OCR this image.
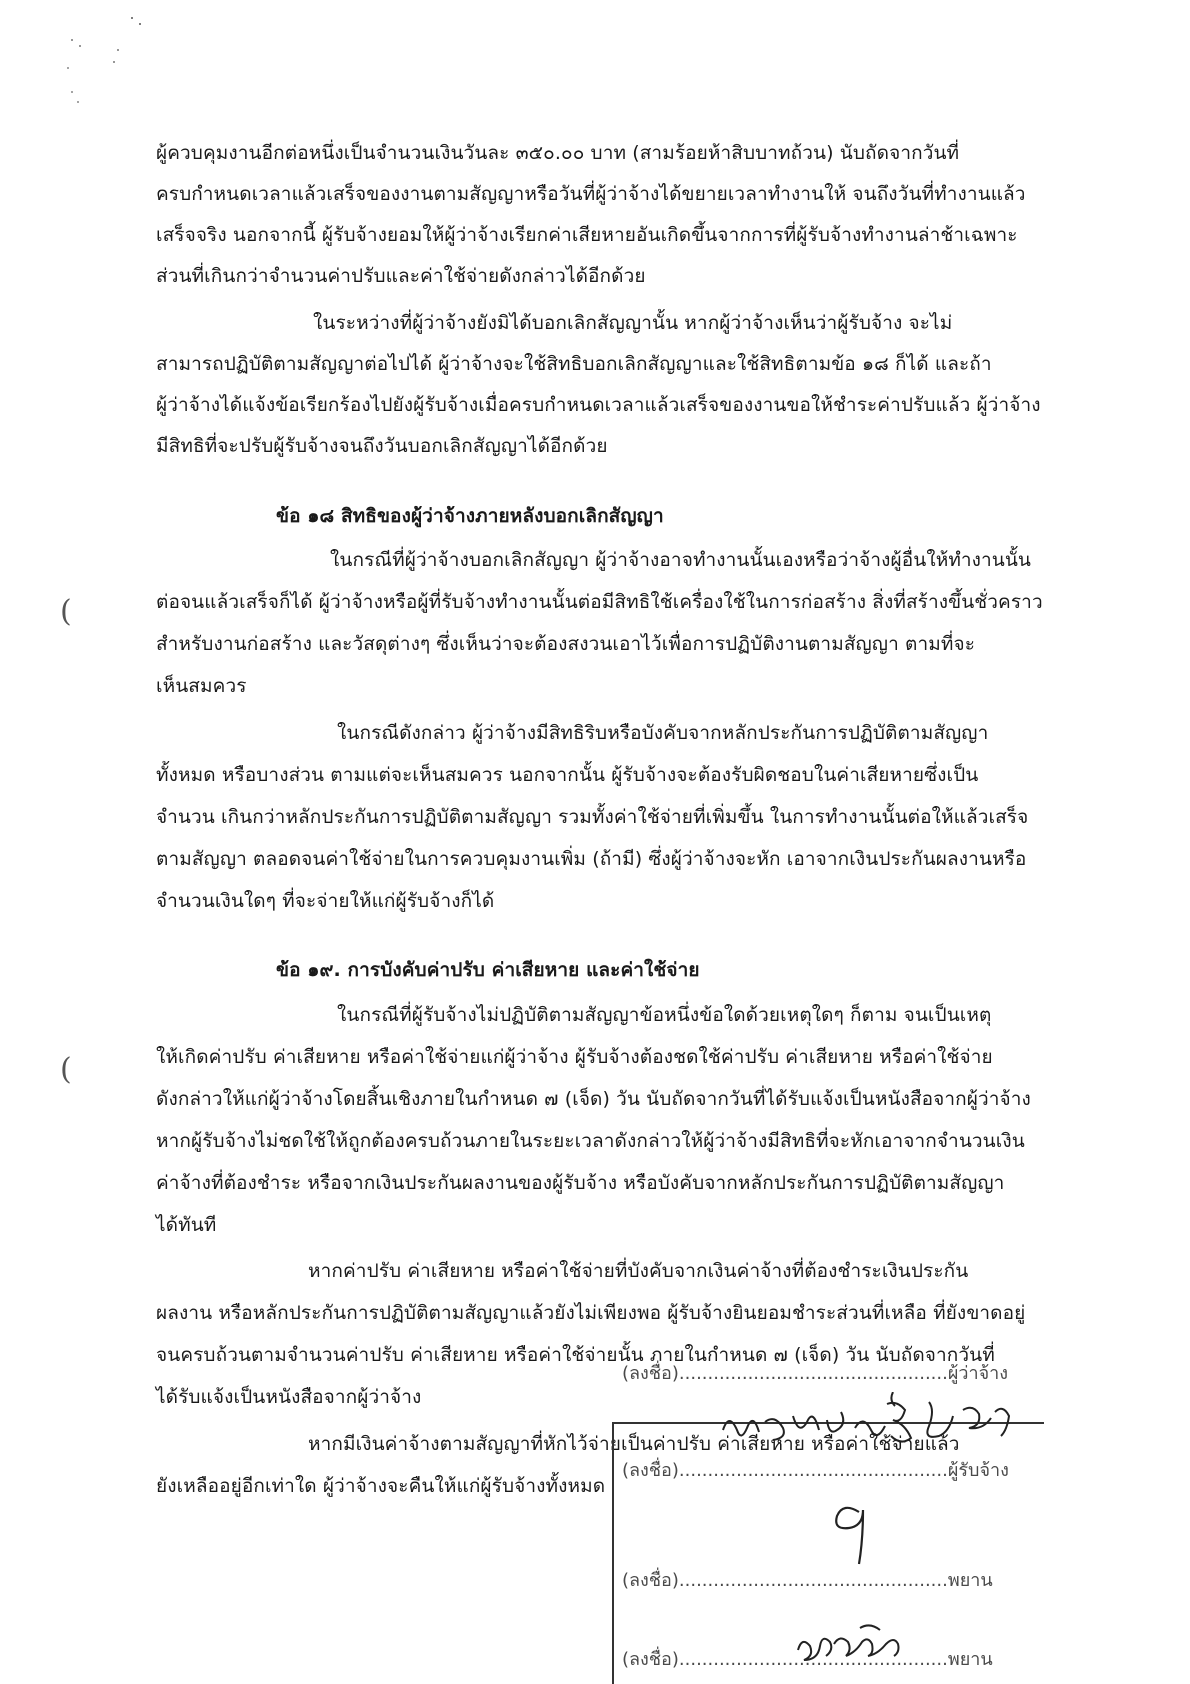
ผู้ควบคุมงานอีกต่อหนึ่งเป็นจำนวนเงินวันละ ๓๕๐.๐๐ บาท (สามร้อยห้าสิบบาทถ้วน) นับถัดจากวันที่
ครบกำหนดเวลาแล้วเสร็จของงานตามสัญญาหรือวันที่ผู้ว่าจ้างได้ขยายเวลาทำงานให้ จนถึงวันที่ทำงานแล้ว
เสร็จจริง นอกจากนี้ ผู้รับจ้างยอมให้ผู้ว่าจ้างเรียกค่าเสียหายอันเกิดขึ้นจากการที่ผู้รับจ้างทำงานล่าช้าเฉพาะ
ส่วนที่เกินกว่าจำนวนค่าปรับและค่าใช้จ่ายดังกล่าวได้อีกด้วย
ในระหว่างที่ผู้ว่าจ้างยังมิได้บอกเลิกสัญญานั้น หากผู้ว่าจ้างเห็นว่าผู้รับจ้าง จะไม่
สามารถปฏิบัติตามสัญญาต่อไปได้ ผู้ว่าจ้างจะใช้สิทธิบอกเลิกสัญญาและใช้สิทธิตามข้อ ๑๘ ก็ได้ และถ้า
ผู้ว่าจ้างได้แจ้งข้อเรียกร้องไปยังผู้รับจ้างเมื่อครบกำหนดเวลาแล้วเสร็จของงานขอให้ชำระค่าปรับแล้ว ผู้ว่าจ้าง
มีสิทธิที่จะปรับผู้รับจ้างจนถึงวันบอกเลิกสัญญาได้อีกด้วย
ข้อ ๑๘ สิทธิของผู้ว่าจ้างภายหลังบอกเลิกสัญญา
ในกรณีที่ผู้ว่าจ้างบอกเลิกสัญญา ผู้ว่าจ้างอาจทำงานนั้นเองหรือว่าจ้างผู้อื่นให้ทำงานนั้น
ต่อจนแล้วเสร็จก็ได้ ผู้ว่าจ้างหรือผู้ที่รับจ้างทำงานนั้นต่อมีสิทธิใช้เครื่องใช้ในการก่อสร้าง สิ่งที่สร้างขึ้นชั่วคราว
สำหรับงานก่อสร้าง และวัสดุต่างๆ ซึ่งเห็นว่าจะต้องสงวนเอาไว้เพื่อการปฏิบัติงานตามสัญญา ตามที่จะ
เห็นสมควร
ในกรณีดังกล่าว ผู้ว่าจ้างมีสิทธิริบหรือบังคับจากหลักประกันการปฏิบัติตามสัญญา
ทั้งหมด หรือบางส่วน ตามแต่จะเห็นสมควร นอกจากนั้น ผู้รับจ้างจะต้องรับผิดชอบในค่าเสียหายซึ่งเป็น
จำนวน เกินกว่าหลักประกันการปฏิบัติตามสัญญา รวมทั้งค่าใช้จ่ายที่เพิ่มขึ้น ในการทำงานนั้นต่อให้แล้วเสร็จ
ตามสัญญา ตลอดจนค่าใช้จ่ายในการควบคุมงานเพิ่ม (ถ้ามี) ซึ่งผู้ว่าจ้างจะหัก เอาจากเงินประกันผลงานหรือ
จำนวนเงินใดๆ ที่จะจ่ายให้แก่ผู้รับจ้างก็ได้
ข้อ ๑๙. การบังคับค่าปรับ ค่าเสียหาย และค่าใช้จ่าย
ในกรณีที่ผู้รับจ้างไม่ปฏิบัติตามสัญญาข้อหนึ่งข้อใดด้วยเหตุใดๆ ก็ตาม จนเป็นเหตุ
ให้เกิดค่าปรับ ค่าเสียหาย หรือค่าใช้จ่ายแก่ผู้ว่าจ้าง ผู้รับจ้างต้องชดใช้ค่าปรับ ค่าเสียหาย หรือค่าใช้จ่าย
ดังกล่าวให้แก่ผู้ว่าจ้างโดยสิ้นเชิงภายในกำหนด ๗ (เจ็ด) วัน นับถัดจากวันที่ได้รับแจ้งเป็นหนังสือจากผู้ว่าจ้าง
หากผู้รับจ้างไม่ชดใช้ให้ถูกต้องครบถ้วนภายในระยะเวลาดังกล่าวให้ผู้ว่าจ้างมีสิทธิที่จะหักเอาจากจำนวนเงิน
ค่าจ้างที่ต้องชำระ หรือจากเงินประกันผลงานของผู้รับจ้าง หรือบังคับจากหลักประกันการปฏิบัติตามสัญญา
ได้ทันที
หากค่าปรับ ค่าเสียหาย หรือค่าใช้จ่ายที่บังคับจากเงินค่าจ้างที่ต้องชำระเงินประกัน
ผลงาน หรือหลักประกันการปฏิบัติตามสัญญาแล้วยังไม่เพียงพอ ผู้รับจ้างยินยอมชำระส่วนที่เหลือ ที่ยังขาดอยู่
จนครบถ้วนตามจำนวนค่าปรับ ค่าเสียหาย หรือค่าใช้จ่ายนั้น ภายในกำหนด ๗ (เจ็ด) วัน นับถัดจากวันที่
ได้รับแจ้งเป็นหนังสือจากผู้ว่าจ้าง
หากมีเงินค่าจ้างตามสัญญาที่หักไว้จ่ายเป็นค่าปรับ ค่าเสียหาย หรือค่าใช้จ่ายแล้ว
ยังเหลืออยู่อีกเท่าใด ผู้ว่าจ้างจะคืนให้แก่ผู้รับจ้างทั้งหมด
(
(
(ลงชื่อ)...............................................ผู้ว่าจ้าง
(ลงชื่อ)...............................................ผู้รับจ้าง
(ลงชื่อ)...............................................พยาน
(ลงชื่อ)...............................................พยาน
